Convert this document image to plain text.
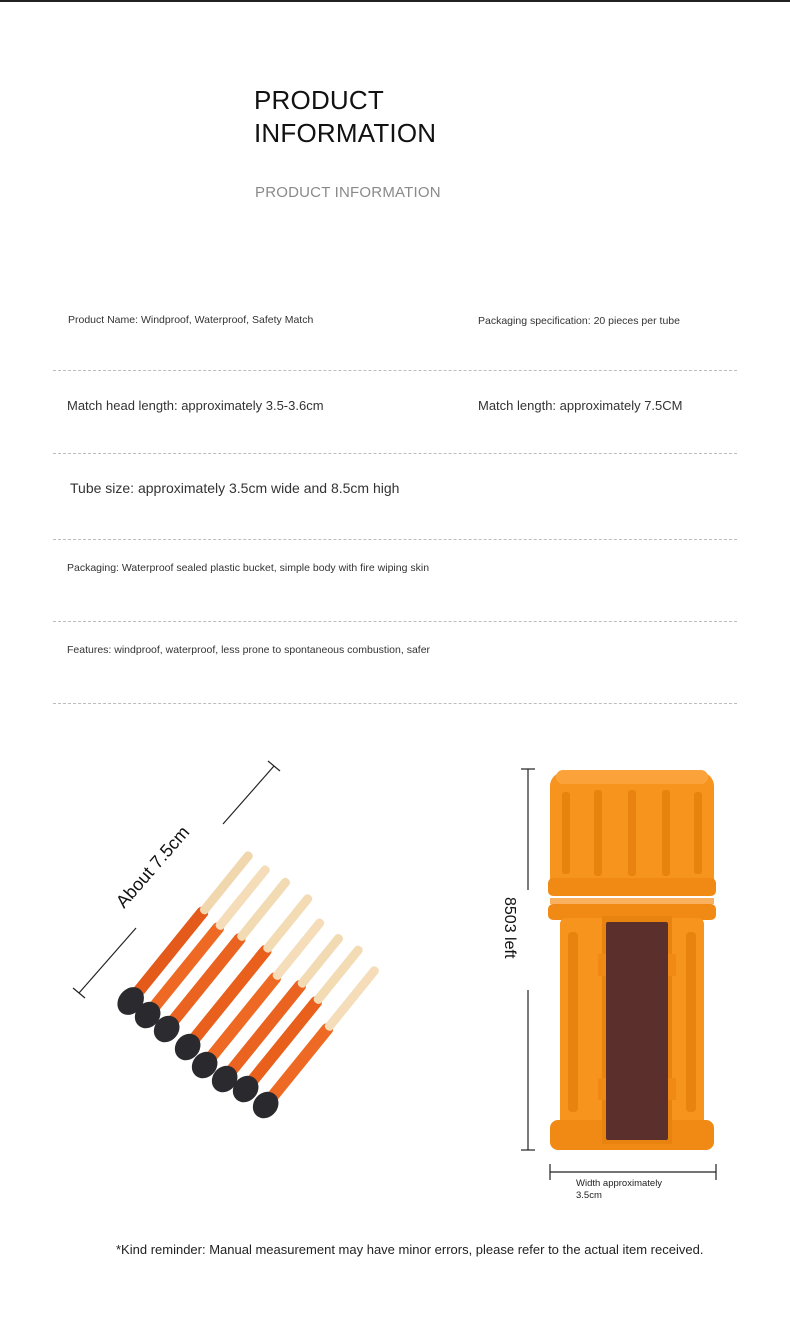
PRODUCT
INFORMATION
PRODUCT INFORMATION
Product Name: Windproof, Waterproof, Safety Match	Packaging specification: 20 pieces per tube
Match head length: approximately 3.5-3.6cm	Match length: approximately 7.5CM
Tube size: approximately 3.5cm wide and 8.5cm high
Packaging: Waterproof sealed plastic bucket, simple body with fire wiping skin
Features: windproof, waterproof, less prone to spontaneous combustion, safer
About 7.5cm
8503 left
Width approximately
3.5cm
*Kind reminder: Manual measurement may have minor errors, please refer to the actual item received.
